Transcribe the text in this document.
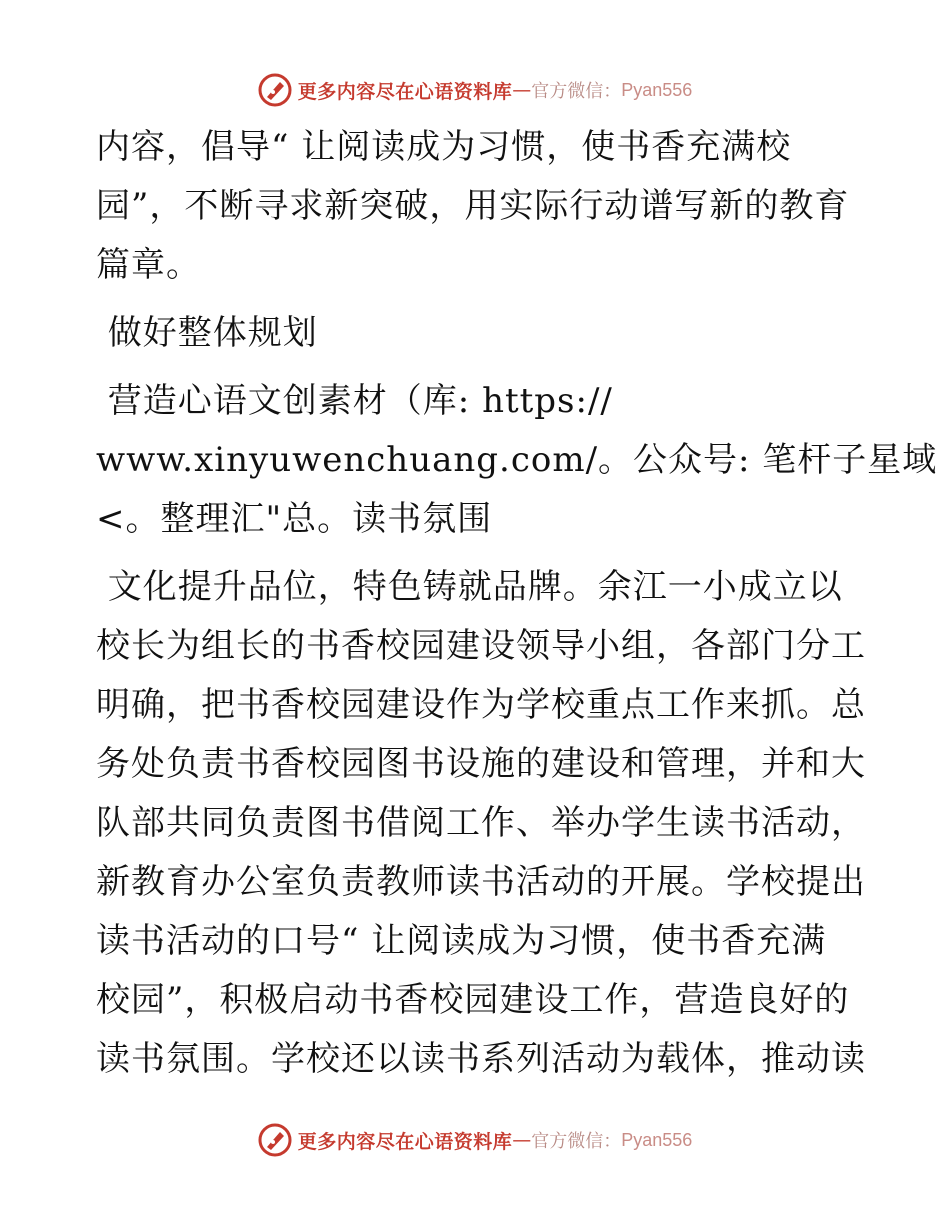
更多内容尽在心语资料库 — 官方微信： Pyan556

内容，倡导“ 让阅读成为习惯，使书香充满校
园”，不断寻求新突破，用实际行动谱写新的教育
篇章。

做好整体规划

营造心语文创素材（库: https://
www.xinyuwenchuang.com/。公众号: 笔杆子星域
<。整理汇"总。读书氛围

文化提升品位，特色铸就品牌。余江一小成立以
校长为组长的书香校园建设领导小组，各部门分工
明确，把书香校园建设作为学校重点工作来抓。总
务处负责书香校园图书设施的建设和管理，并和大
队部共同负责图书借阅工作、举办学生读书活动，
新教育办公室负责教师读书活动的开展。学校提出
读书活动的口号“ 让阅读成为习惯，使书香充满
校园”，积极启动书香校园建设工作，营造良好的
读书氛围。学校还以读书系列活动为载体，推动读

更多内容尽在心语资料库 — 官方微信： Pyan556
